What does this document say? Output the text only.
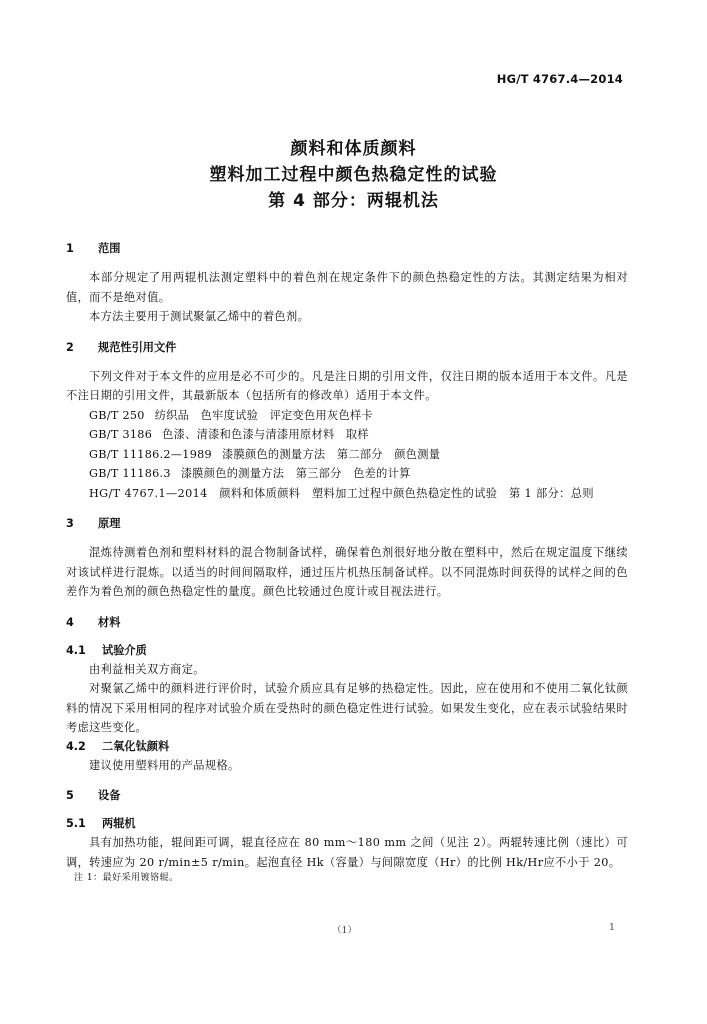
HG/T 4767.4—2014
颜料和体质颜料
塑料加工过程中颜色热稳定性的试验
第 4 部分：两辊机法
1 范围
本部分规定了用两辊机法测定塑料中的着色剂在规定条件下的颜色热稳定性的方法。其测定结果为相对值，而不是绝对值。
本方法主要用于测试聚氯乙烯中的着色剂。
2 规范性引用文件
下列文件对于本文件的应用是必不可少的。凡是注日期的引用文件，仅注日期的版本适用于本文件。凡是不注日期的引用文件，其最新版本（包括所有的修改单）适用于本文件。
GB/T 250 纺织品　色牢度试验　评定变色用灰色样卡
GB/T 3186 色漆、清漆和色漆与清漆用原材料　取样
GB/T 11186.2—1989 漆膜颜色的测量方法　第二部分　颜色测量
GB/T 11186.3 漆膜颜色的测量方法　第三部分　色差的计算
HG/T 4767.1—2014　颜料和体质颜料　塑料加工过程中颜色热稳定性的试验　第 1 部分：总则
3 原理
混炼待测着色剂和塑料材料的混合物制备试样，确保着色剂很好地分散在塑料中，然后在规定温度下继续对该试样进行混炼。以适当的时间间隔取样，通过压片机热压制备试样。以不同混炼时间获得的试样之间的色差作为着色剂的颜色热稳定性的量度。颜色比较通过色度计或目视法进行。
4 材料
4.1 试验介质
由利益相关双方商定。
对聚氯乙烯中的颜料进行评价时，试验介质应具有足够的热稳定性。因此，应在使用和不使用二氧化钛颜料的情况下采用相同的程序对试验介质在受热时的颜色稳定性进行试验。如果发生变化，应在表示试验结果时考虑这些变化。
4.2 二氧化钛颜料
建议使用塑料用的产品规格。
5 设备
5.1 两辊机
具有加热功能，辊间距可调，辊直径应在 80 mm～180 mm 之间（见注 2）。两辊转速比例（速比）可调，转速应为 20 r/min±5 r/min。起泡直径 Hk（容量）与间隙宽度（Hr）的比例 Hk/Hr应不小于 20。
注 1：最好采用镀铬辊。
（1）	1
